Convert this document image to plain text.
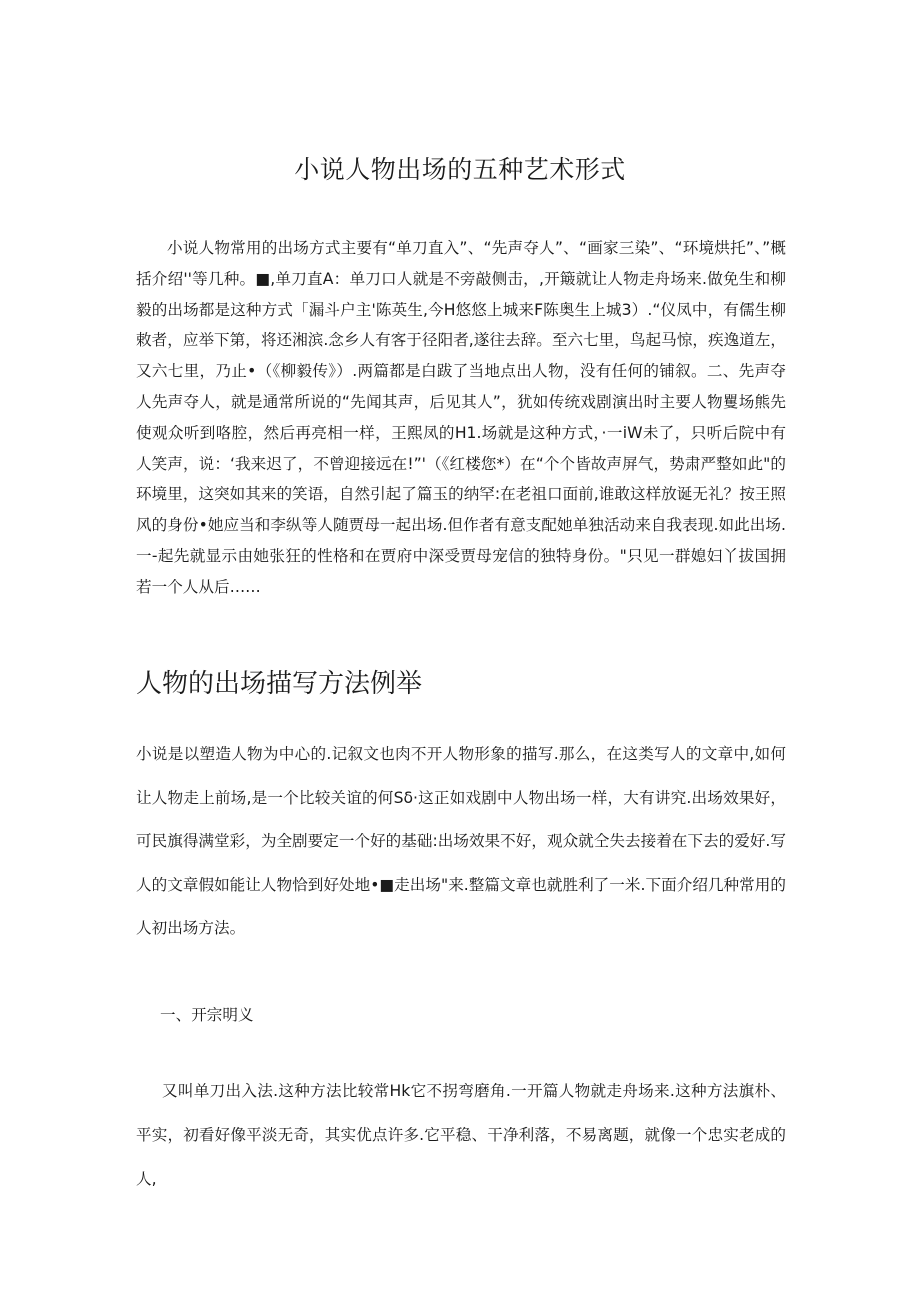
小说人物出场的五种艺术形式

小说人物常用的出场方式主要有“单刀直入”、“先声夺人”、“画家三染”、“环境烘托”、”概括介绍''等几种。■,单刀直A：单刀口人就是不旁敲侧击，,开簸就让人物走舟场来.做免生和柳毅的出场都是这种方式「漏斗户主'陈英生,今H悠悠上城来F陈奥生上城3）.“仪凤中，有儒生柳敕者，应举下第，将还湘滨.念乡人有客于径阳者,遂往去辞。至六七里，鸟起马惊，疾逸道左，又六七里，乃止•（《柳毅传》）.两篇都是白跋了当地点出人物，没有任何的铺叙。二、先声夺人先声夺人，就是通常所说的“先闻其声，后见其人”，犹如传统戏剧演出时主要人物矍场熊先使观众听到咯腔，然后再亮相一样，王熙凤的H1.场就是这种方式，·一iW未了，只听后院中有人笑声，说：‘我来迟了，不曾迎接远在!”'（《红楼您*）在“个个皆故声屏气，势肃严整如此"的环境里，这突如其来的笑语，自然引起了篇玉的纳罕:在老祖口面前,谁敢这样放诞无礼？按王照风的身份•她应当和李纵等人随贾母一起出场.但作者有意支配她单独活动来自我表现.如此出场.一-起先就显示由她张狂的性格和在贾府中深受贾母宠信的独特身份。"只见一群媳妇丫拔国拥若一个人从后……

人物的出场描写方法例举

小说是以塑造人物为中心的.记叙文也肉不开人物形象的描写.那么，在这类写人的文章中,如何让人物走上前场,是一个比较关谊的何Sδ·这正如戏剧中人物出场一样，大有讲究.出场效果好，可民旗得满堂彩，为全剧要定一个好的基础:出场效果不好，观众就仝失去接着在下去的爱好.写人的文章假如能让人物恰到好处地•■走出场"来.整篇文章也就胜利了一米.下面介绍几种常用的人初出场方法。

一、开宗明义

又叫单刀出入法.这种方法比较常Hk它不拐弯磨角.一开篇人物就走舟场来.这种方法旗朴、平实，初看好像平淡无奇，其实优点许多.它平稳、干净利落，不易离题，就像一个忠实老成的人,
